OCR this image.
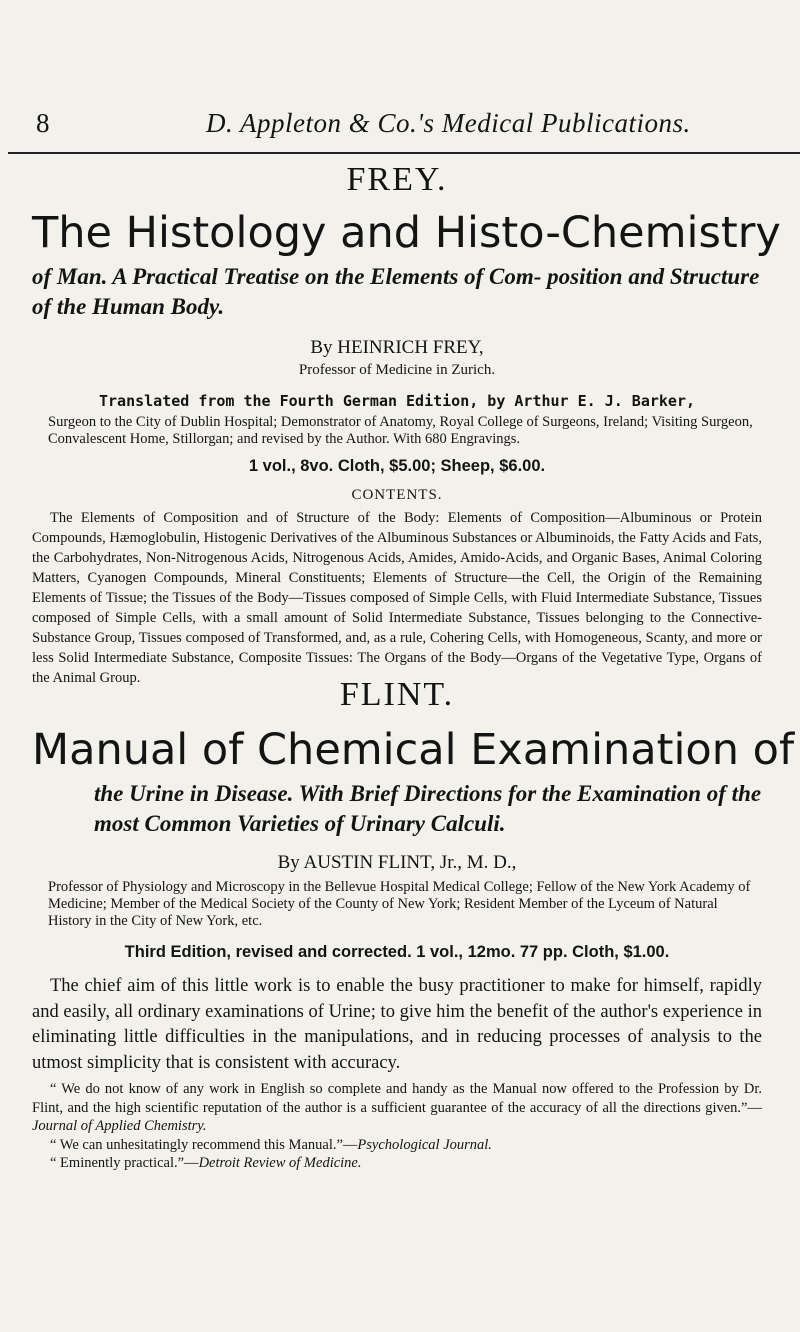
8	D. Appleton & Co.'s Medical Publications.
FREY.

The Histology and Histo-Chemistry

of Man. A Practical Treatise on the Elements of Com- position and Structure of the Human Body.

By HEINRICH FREY,

Professor of Medicine in Zurich.

Translated from the Fourth German Edition, by Arthur E. J. Barker,

Surgeon to the City of Dublin Hospital; Demonstrator of Anatomy, Royal College of Surgeons, Ireland; Visiting Surgeon, Convalescent Home, Stillorgan; and revised by the Author. With 680 Engravings.

1 vol., 8vo. Cloth, $5.00; Sheep, $6.00.

CONTENTS.

The Elements of Composition and of Structure of the Body: Elements of Composition—Albuminous or Protein Compounds, Hæmoglobulin, Histogenic Derivatives of the Albuminous Substances or Albuminoids, the Fatty Acids and Fats, the Carbohydrates, Non-Nitrogenous Acids, Nitrogenous Acids, Amides, Amido-Acids, and Organic Bases, Animal Coloring Matters, Cyanogen Compounds, Mineral Constituents; Elements of Structure—the Cell, the Origin of the Remaining Elements of Tissue; the Tissues of the Body—Tissues composed of Simple Cells, with Fluid Intermediate Substance, Tissues composed of Simple Cells, with a small amount of Solid Intermediate Substance, Tissues belonging to the Connective-Substance Group, Tissues composed of Transformed, and, as a rule, Cohering Cells, with Homogeneous, Scanty, and more or less Solid Intermediate Substance, Composite Tissues: The Organs of the Body—Organs of the Vegetative Type, Organs of the Animal Group.	FLINT.

Manual of Chemical Examination of

the Urine in Disease. With Brief Directions for the Examination of the most Common Varieties of Urinary Calculi.

By AUSTIN FLINT, Jr., M. D.,

Professor of Physiology and Microscopy in the Bellevue Hospital Medical College; Fellow of the New York Academy of Medicine; Member of the Medical Society of the County of New York; Resident Member of the Lyceum of Natural History in the City of New York, etc.

Third Edition, revised and corrected. 1 vol., 12mo. 77 pp. Cloth, $1.00.

The chief aim of this little work is to enable the busy practitioner to make for himself, rapidly and easily, all ordinary examinations of Urine; to give him the benefit of the author's experience in eliminating little difficulties in the manipulations, and in reducing processes of analysis to the utmost simplicity that is consistent with accuracy.

“ We do not know of any work in English so complete and handy as the Manual now offered to the Profession by Dr. Flint, and the high scientific reputation of the author is a sufficient guarantee of the accuracy of all the directions given.”—Journal of Applied Chemistry.

“ We can unhesitatingly recommend this Manual.”—Psychological Journal.

“ Eminently practical.”—Detroit Review of Medicine.
